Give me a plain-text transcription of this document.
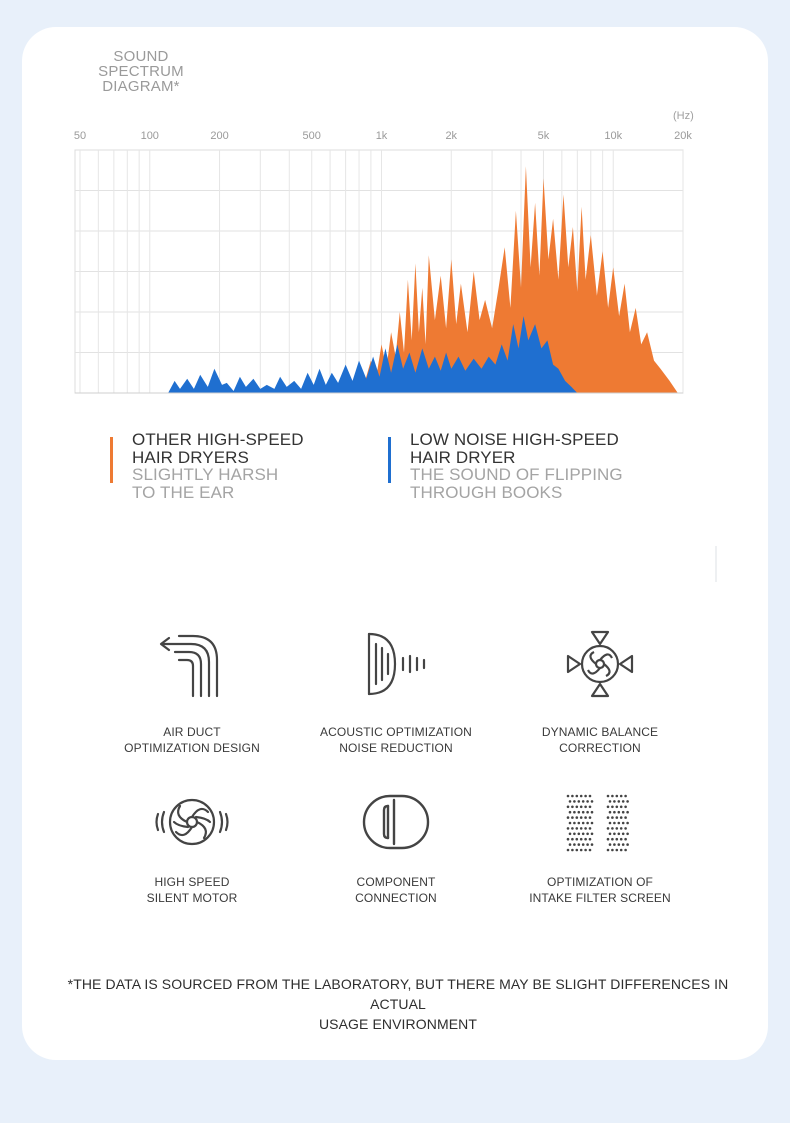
SOUND SPECTRUM
DIAGRAM*
(Hz)
50	100	200	500	1k	2k	5k	10k	20k
OTHER HIGH-SPEED
HAIR DRYERS
SLIGHTLY HARSH
TO THE EAR
LOW NOISE HIGH-SPEED
HAIR DRYER
THE SOUND OF FLIPPING
THROUGH BOOKS
AIR DUCT
OPTIMIZATION DESIGN
ACOUSTIC OPTIMIZATION
NOISE REDUCTION
DYNAMIC BALANCE
CORRECTION
HIGH SPEED
SILENT MOTOR
COMPONENT
CONNECTION
OPTIMIZATION OF
INTAKE FILTER SCREEN
*THE DATA IS SOURCED FROM THE LABORATORY, BUT THERE MAY BE SLIGHT DIFFERENCES IN ACTUAL
USAGE ENVIRONMENT
